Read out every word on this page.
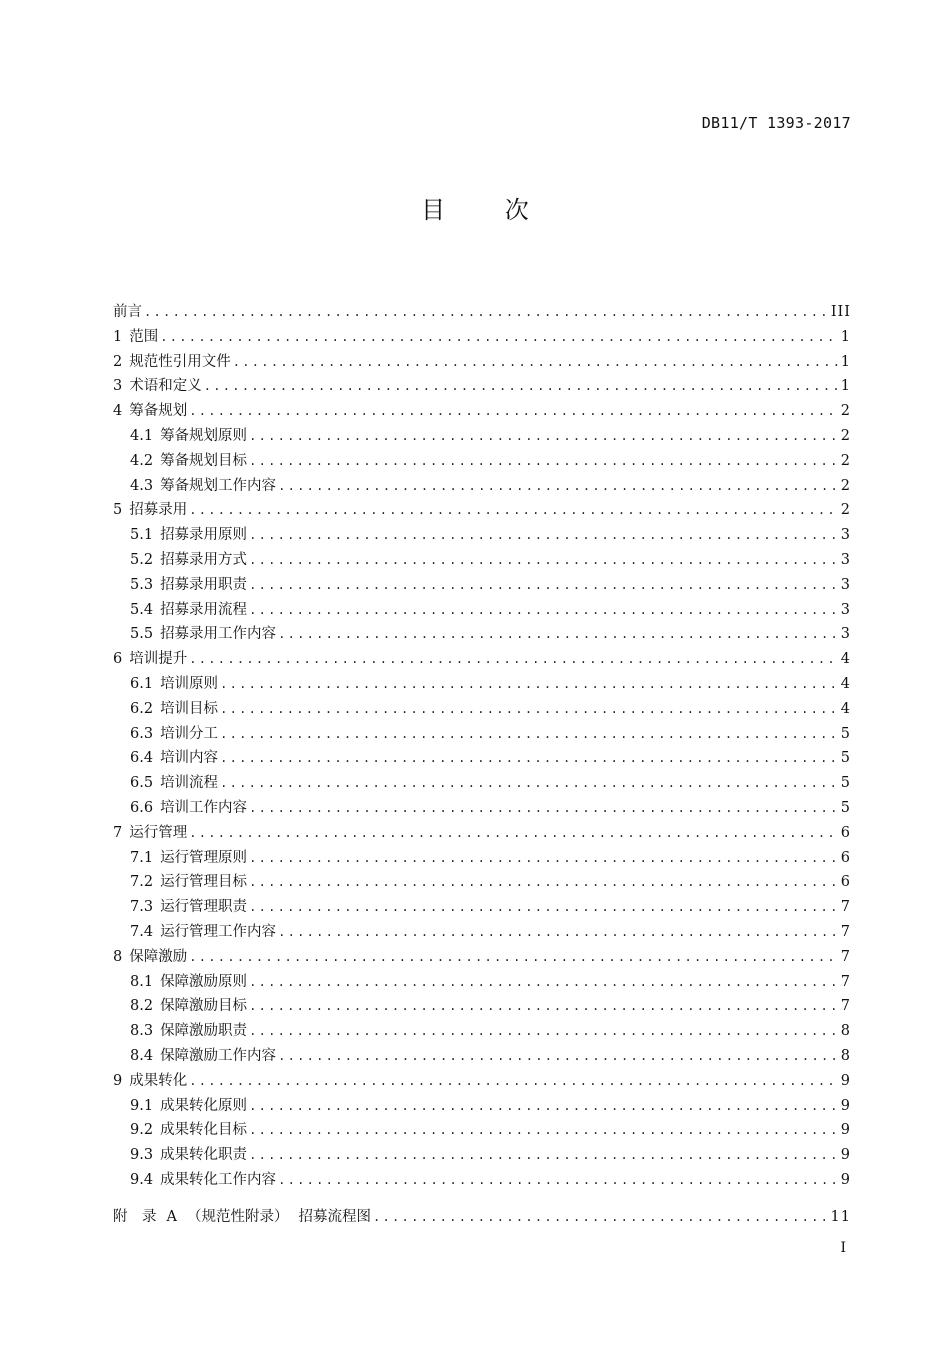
DB11/T 1393-2017
目 次
前言 .....	III
1 范围 .....	1
2 规范性引用文件 .....	1
3 术语和定义 .....	1
4 筹备规划 .....	2
4.1 筹备规划原则 .....	2
4.2 筹备规划目标 .....	2
4.3 筹备规划工作内容 .....	2
5 招募录用 .....	2
5.1 招募录用原则 .....	3
5.2 招募录用方式 .....	3
5.3 招募录用职责 .....	3
5.4 招募录用流程 .....	3
5.5 招募录用工作内容 .....	3
6 培训提升 .....	4
6.1 培训原则 .....	4
6.2 培训目标 .....	4
6.3 培训分工 .....	5
6.4 培训内容 .....	5
6.5 培训流程 .....	5
6.6 培训工作内容 .....	5
7 运行管理 .....	6
7.1 运行管理原则 .....	6
7.2 运行管理目标 .....	6
7.3 运行管理职责 .....	7
7.4 运行管理工作内容 .....	7
8 保障激励 .....	7
8.1 保障激励原则 .....	7
8.2 保障激励目标 .....	7
8.3 保障激励职责 .....	8
8.4 保障激励工作内容 .....	8
9 成果转化 .....	9
9.1 成果转化原则 .....	9
9.2 成果转化目标 .....	9
9.3 成果转化职责 .....	9
9.4 成果转化工作内容 .....	9
附　录 A （规范性附录） 招募流程图 .....	11
I
